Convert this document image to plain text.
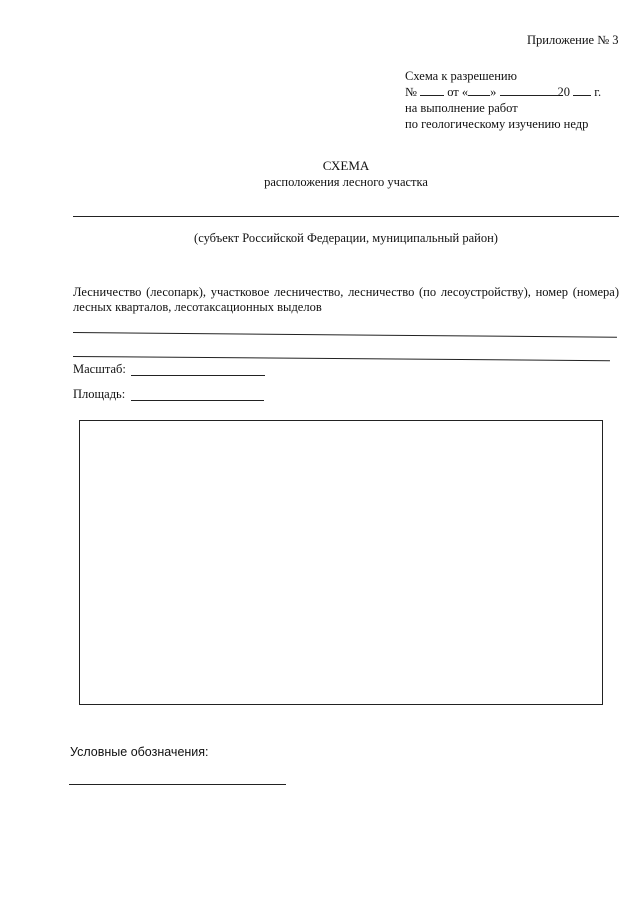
Приложение № 3
Схема к разрешению
№ от « »	20 г.
на выполнение работ
по геологическому изучению недр
СХЕМА
расположения лесного участка
(субъект Российской Федерации, муниципальный район)
Лесничество (лесопарк), участковое лесничество, лесничество (по лесоустройству), номер (номера) лесных кварталов, лесотаксационных выделов
Масштаб:
Площадь:
Условные обозначения:
